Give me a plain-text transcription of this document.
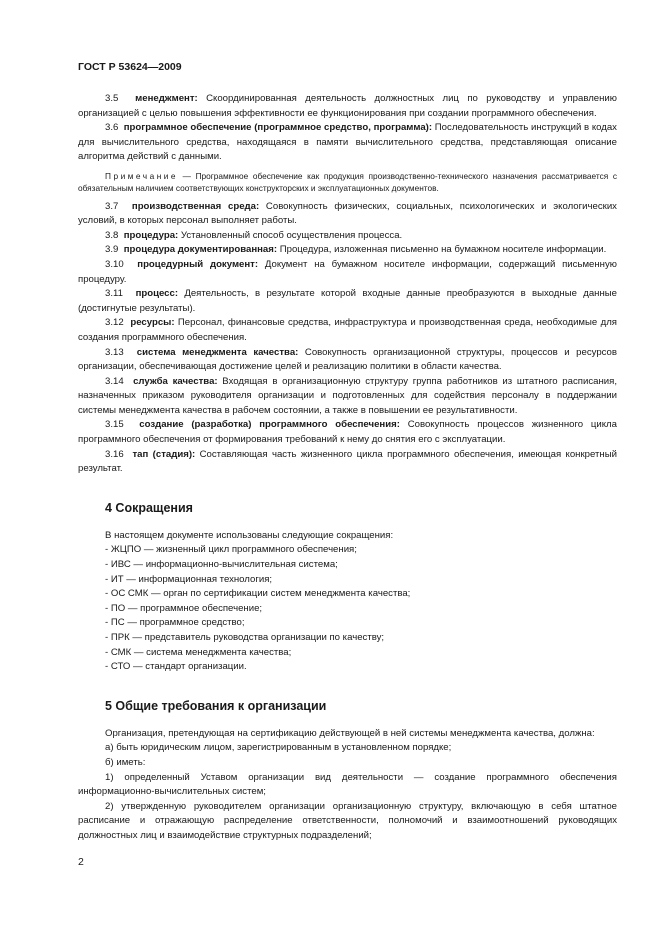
ГОСТ Р 53624—2009

3.5 менеджмент: Скоординированная деятельность должностных лиц по руководству и управлению организацией с целью повышения эффективности ее функционирования при создании программного обеспечения.

3.6 программное обеспечение (программное средство, программа): Последовательность инструкций в кодах для вычислительного средства, находящаяся в памяти вычислительного средства, представляющая описание алгоритма действий с данными.

Примечание — Программное обеспечение как продукция производственно-технического назначения рассматривается с обязательным наличием соответствующих конструкторских и эксплуатационных документов.

3.7 производственная среда: Совокупность физических, социальных, психологических и экологических условий, в которых персонал выполняет работы.

3.8 процедура: Установленный способ осуществления процесса.

3.9 процедура документированная: Процедура, изложенная письменно на бумажном носителе информации.

3.10 процедурный документ: Документ на бумажном носителе информации, содержащий письменную процедуру.

3.11 процесс: Деятельность, в результате которой входные данные преобразуются в выходные данные (достигнутые результаты).

3.12 ресурсы: Персонал, финансовые средства, инфраструктура и производственная среда, необходимые для создания программного обеспечения.

3.13 система менеджмента качества: Совокупность организационной структуры, процессов и ресурсов организации, обеспечивающая достижение целей и реализацию политики в области качества.

3.14 служба качества: Входящая в организационную структуру группа работников из штатного расписания, назначенных приказом руководителя организации и подготовленных для содействия персоналу в поддержании системы менеджмента качества в рабочем состоянии, а также в повышении ее результативности.

3.15 создание (разработка) программного обеспечения: Совокупность процессов жизненного цикла программного обеспечения от формирования требований к нему до снятия его с эксплуатации.

3.16 тап (стадия): Составляющая часть жизненного цикла программного обеспечения, имеющая конкретный результат.

4 Сокращения

В настоящем документе использованы следующие сокращения:

- ЖЦПО — жизненный цикл программного обеспечения;
- ИВС — информационно-вычислительная система;
- ИТ — информационная технология;
- ОС СМК — орган по сертификации систем менеджмента качества;
- ПО — программное обеспечение;
- ПС — программное средство;
- ПРК — представитель руководства организации по качеству;
- СМК — система менеджмента качества;
- СТО — стандарт организации.
5 Общие требования к организации

Организация, претендующая на сертификацию действующей в ней системы менеджмента качества, должна:

а) быть юридическим лицом, зарегистрированным в установленном порядке;

б) иметь:

1) определенный Уставом организации вид деятельности — создание программного обеспечения информационно-вычислительных систем;

2) утвержденную руководителем организации организационную структуру, включающую в себя штатное расписание и отражающую распределение ответственности, полномочий и взаимоотношений руководящих должностных лиц и взаимодействие структурных подразделений;

2
